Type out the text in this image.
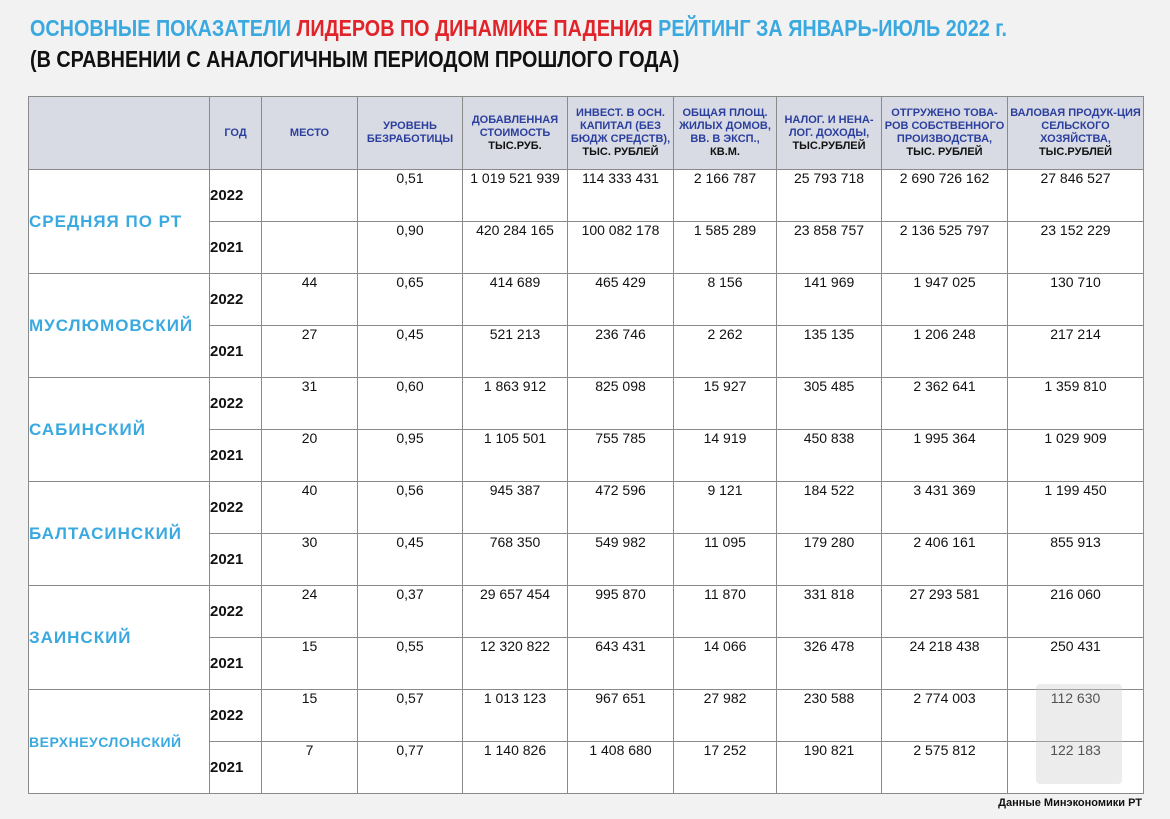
ОСНОВНЫЕ ПОКАЗАТЕЛИ ЛИДЕРОВ ПО ДИНАМИКЕ ПАДЕНИЯ РЕЙТИНГ ЗА ЯНВАРЬ-ИЮЛЬ 2022 г.
(В СРАВНЕНИИ С АНАЛОГИЧНЫМ ПЕРИОДОМ ПРОШЛОГО ГОДА)
	ГОД	МЕСТО	УРОВЕНЬ БЕЗРАБОТИЦЫ	ДОБАВЛЕННАЯ СТОИМОСТЬ
ТЫС.РУБ.	ИНВЕСТ. В ОСН. КАПИТАЛ (БЕЗ БЮДЖ СРЕДСТВ),
ТЫС. РУБЛЕЙ	ОБЩАЯ ПЛОЩ. ЖИЛЫХ ДОМОВ, ВВ. В ЭКСП.,
КВ.М.	НАЛОГ. И НЕНА-ЛОГ. ДОХОДЫ,
ТЫС.РУБЛЕЙ	ОТГРУЖЕНО ТОВА-РОВ СОБСТВЕННОГО ПРОИЗВОДСТВА,
ТЫС. РУБЛЕЙ	ВАЛОВАЯ ПРОДУК-ЦИЯ СЕЛЬСКОГО ХОЗЯЙСТВА,
ТЫС.РУБЛЕЙ
СРЕДНЯЯ ПО РТ	2022		0,51	1 019 521 939	114 333 431	2 166 787	25 793 718	2 690 726 162	27 846 527
	2021		0,90	420 284 165	100 082 178	1 585 289	23 858 757	2 136 525 797	23 152 229
МУСЛЮМОВСКИЙ	2022	44	0,65	414 689	465 429	8 156	141 969	1 947 025	130 710
	2021	27	0,45	521 213	236 746	2 262	135 135	1 206 248	217 214
САБИНСКИЙ	2022	31	0,60	1 863 912	825 098	15 927	305 485	2 362 641	1 359 810
	2021	20	0,95	1 105 501	755 785	14 919	450 838	1 995 364	1 029 909
БАЛТАСИНСКИЙ	2022	40	0,56	945 387	472 596	9 121	184 522	3 431 369	1 199 450
	2021	30	0,45	768 350	549 982	11 095	179 280	2 406 161	855 913
ЗАИНСКИЙ	2022	24	0,37	29 657 454	995 870	11 870	331 818	27 293 581	216 060
	2021	15	0,55	12 320 822	643 431	14 066	326 478	24 218 438	250 431
ВЕРХНЕУСЛОНСКИЙ	2022	15	0,57	1 013 123	967 651	27 982	230 588	2 774 003	112 630
	2021	7	0,77	1 140 826	1 408 680	17 252	190 821	2 575 812	122 183
Данные Минэкономики РТ
